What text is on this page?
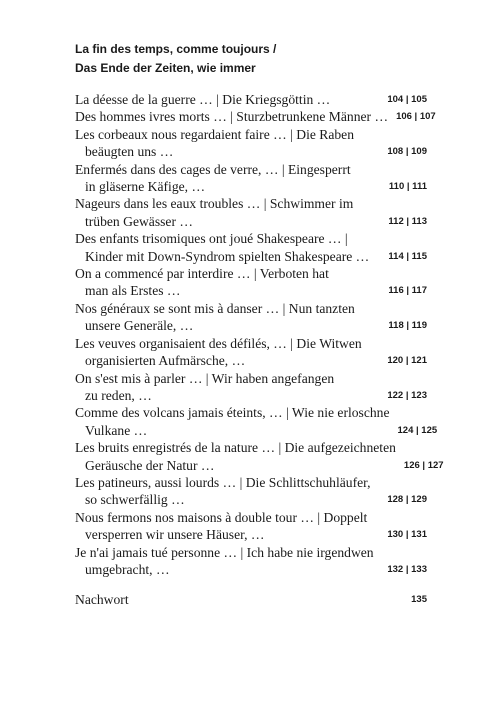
La fin des temps, comme toujours /
Das Ende der Zeiten, wie immer
La déesse de la guerre … | Die Kriegsgöttin …	104 | 105
Des hommes ivres morts … | Sturzbetrunkene Männer … 106 | 107
Les corbeaux nous regardaient faire … | Die Raben
beäugten uns …	108 | 109
Enfermés dans des cages de verre, … | Eingesperrt
in gläserne Käfige, …	110 | 111
Nageurs dans les eaux troubles … | Schwimmer im
trüben Gewässer …	112 | 113
Des enfants trisomiques ont joué Shakespeare … |
Kinder mit Down-Syndrom spielten Shakespeare …	114 | 115
On a commencé par interdire … | Verboten hat
man als Erstes …	116 | 117
Nos généraux se sont mis à danser … | Nun tanzten
unsere Generäle, …	118 | 119
Les veuves organisaient des défilés, … | Die Witwen
organisierten Aufmärsche, …	120 | 121
On s'est mis à parler … | Wir haben angefangen
zu reden, …	122 | 123
Comme des volcans jamais éteints, … | Wie nie erloschne
Vulkane …	124 | 125
Les bruits enregistrés de la nature … | Die aufgezeichneten
Geräusche der Natur …	126 | 127
Les patineurs, aussi lourds … | Die Schlittschuhläufer,
so schwerfällig …	128 | 129
Nous fermons nos maisons à double tour … | Doppelt
versperren wir unsere Häuser, …	130 | 131
Je n'ai jamais tué personne … | Ich habe nie irgendwen
umgebracht, …	132 | 133
Nachwort	135
